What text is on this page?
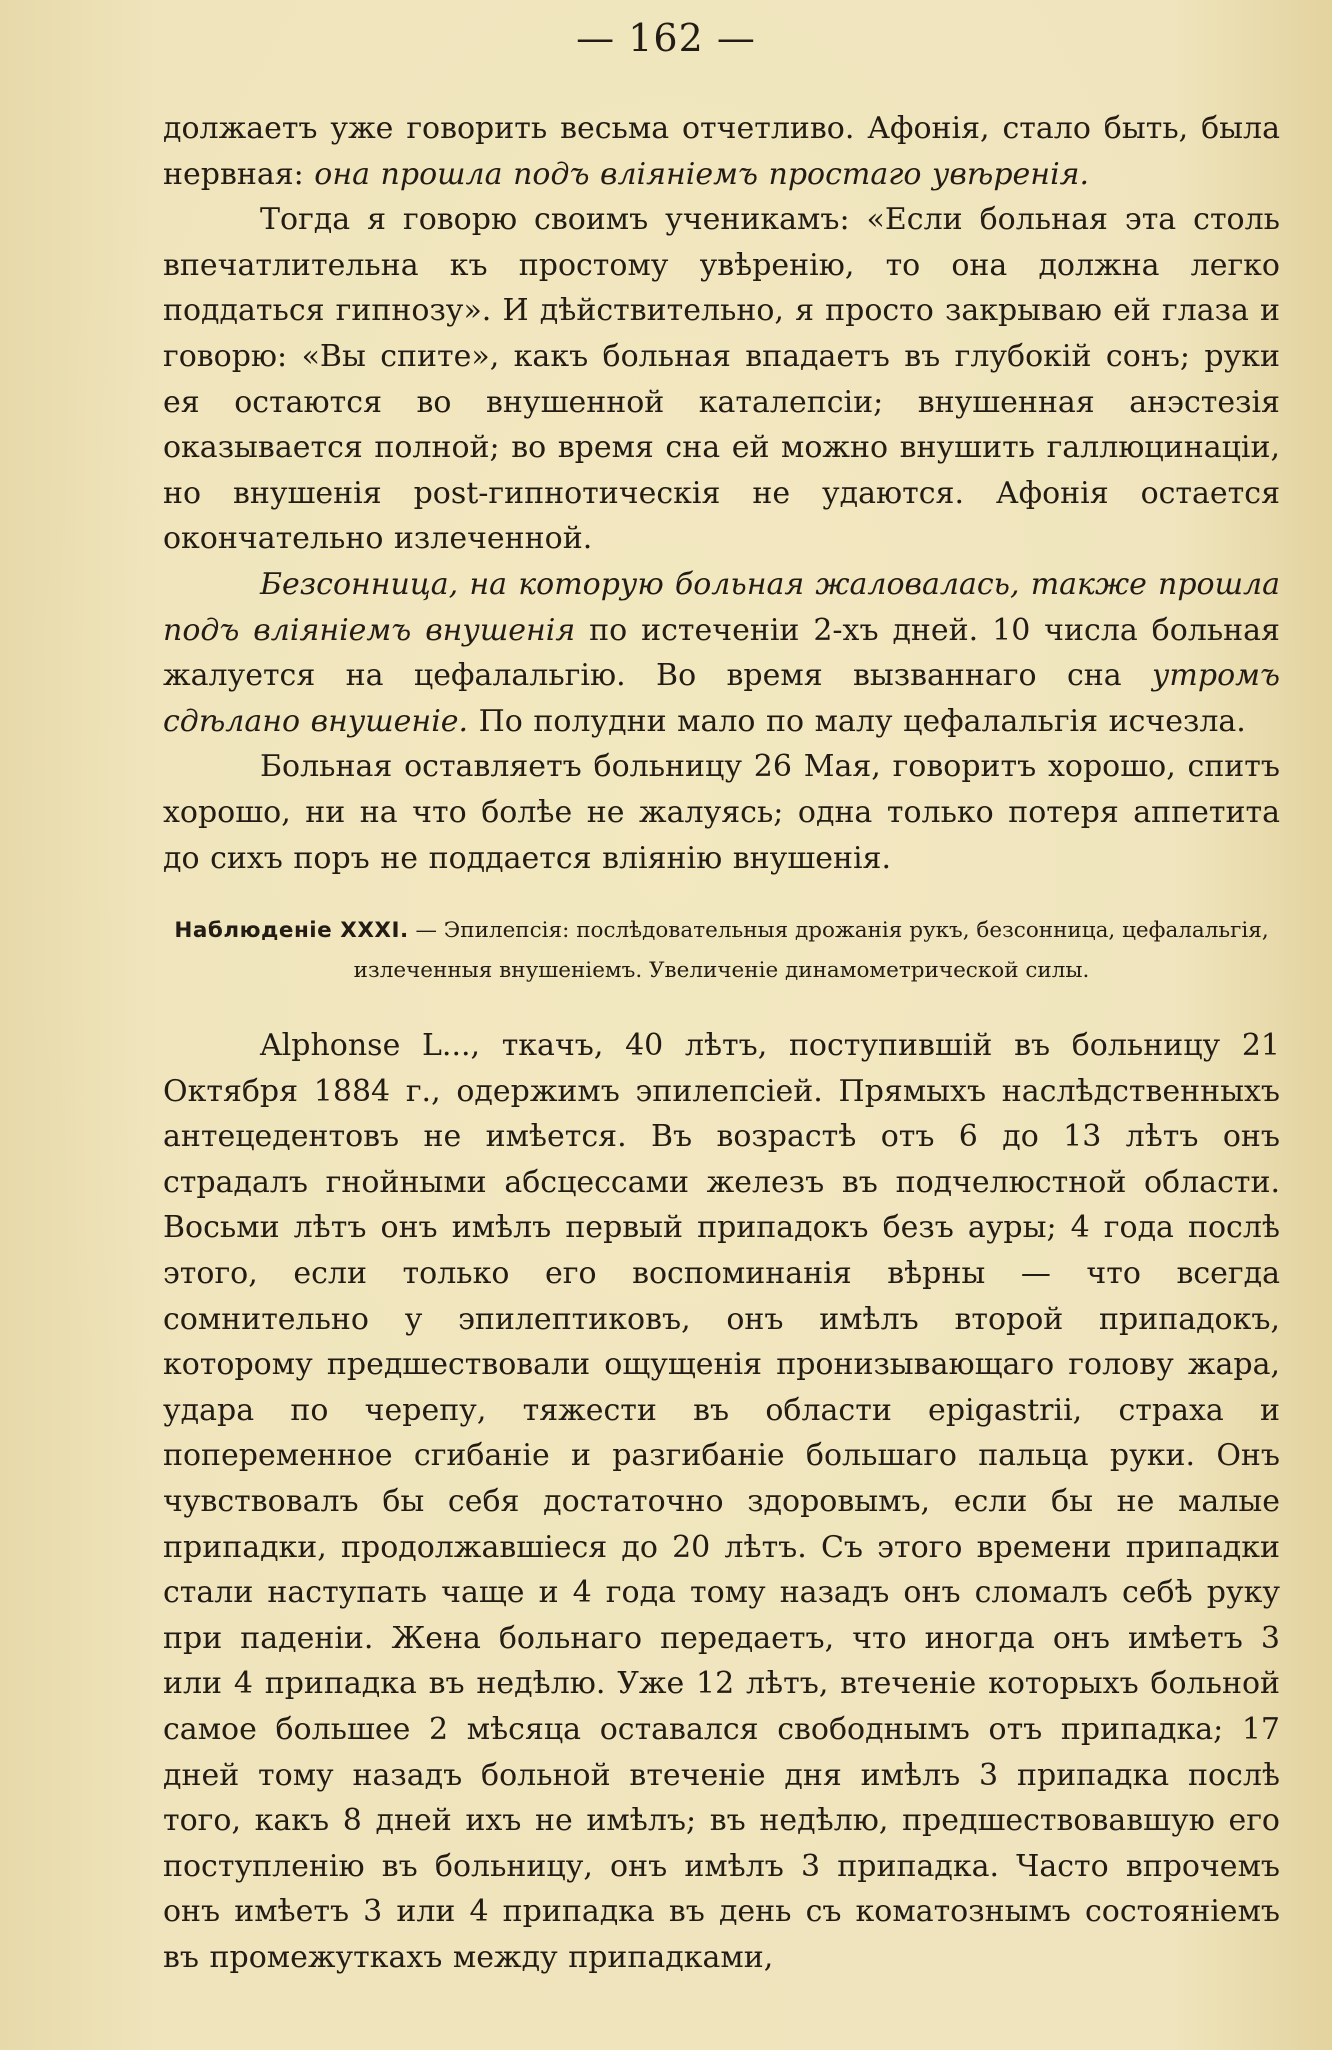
— 162 —

должаетъ уже говорить весьма отчетливо. Афонія, стало быть, была нервная: она прошла подъ вліяніемъ простаго увѣренія.

Тогда я говорю своимъ ученикамъ: «Если больная эта столь впечатлительна къ простому увѣренію, то она должна легко поддаться гипнозу». И дѣйствительно, я просто закрываю ей глаза и говорю: «Вы спите», какъ больная впадаетъ въ глубокій сонъ; руки ея остаются во внушенной каталепсіи; внушенная анэстезія оказывается полной; во время сна ей можно внушить галлюцинаціи, но внушенія post-гипнотическія не удаются. Афонія остается окончательно излеченной.

Безсонница, на которую больная жаловалась, также прошла подъ вліяніемъ внушенія по истеченіи 2-хъ дней. 10 числа больная жалуется на цефалальгію. Во время вызваннаго сна утромъ сдѣлано внушеніе. По полудни мало по малу цефалальгія исчезла.

Больная оставляетъ больницу 26 Мая, говоритъ хорошо, спитъ хорошо, ни на что болѣе не жалуясь; одна только потеря аппетита до сихъ поръ не поддается вліянію внушенія.

Наблюденіе XXXI. — Эпилепсія: послѣдовательныя дрожанія рукъ, безсонница, цефалальгія, излеченныя внушеніемъ. Увеличеніе динамометрической силы.

Alphonse L..., ткачъ, 40 лѣтъ, поступившій въ больницу 21 Октября 1884 г., одержимъ эпилепсіей. Прямыхъ наслѣдственныхъ антецедентовъ не имѣется. Въ возрастѣ отъ 6 до 13 лѣтъ онъ страдалъ гнойными абсцессами железъ въ подчелюстной области. Восьми лѣтъ онъ имѣлъ первый припадокъ безъ ауры; 4 года послѣ этого, если только его воспоминанія вѣрны — что всегда сомнительно у эпилептиковъ, онъ имѣлъ второй припадокъ, которому предшествовали ощущенія пронизывающаго голову жара, удара по черепу, тяжести въ области epigastrii, страха и попеременное сгибаніе и разгибаніе большаго пальца руки. Онъ чувствовалъ бы себя достаточно здоровымъ, если бы не малые припадки, продолжавшіеся до 20 лѣтъ. Съ этого времени припадки стали наступать чаще и 4 года тому назадъ онъ сломалъ себѣ руку при паденіи. Жена больнаго передаетъ, что иногда онъ имѣетъ 3 или 4 припадка въ недѣлю. Уже 12 лѣтъ, втеченіе которыхъ больной самое большее 2 мѣсяца оставался свободнымъ отъ припадка; 17 дней тому назадъ больной втеченіе дня имѣлъ 3 припадка послѣ того, какъ 8 дней ихъ не имѣлъ; въ недѣлю, предшествовавшую его поступленію въ больницу, онъ имѣлъ 3 припадка. Часто впрочемъ онъ имѣетъ 3 или 4 припадка въ день съ коматознымъ состояніемъ въ промежуткахъ между припадками,
